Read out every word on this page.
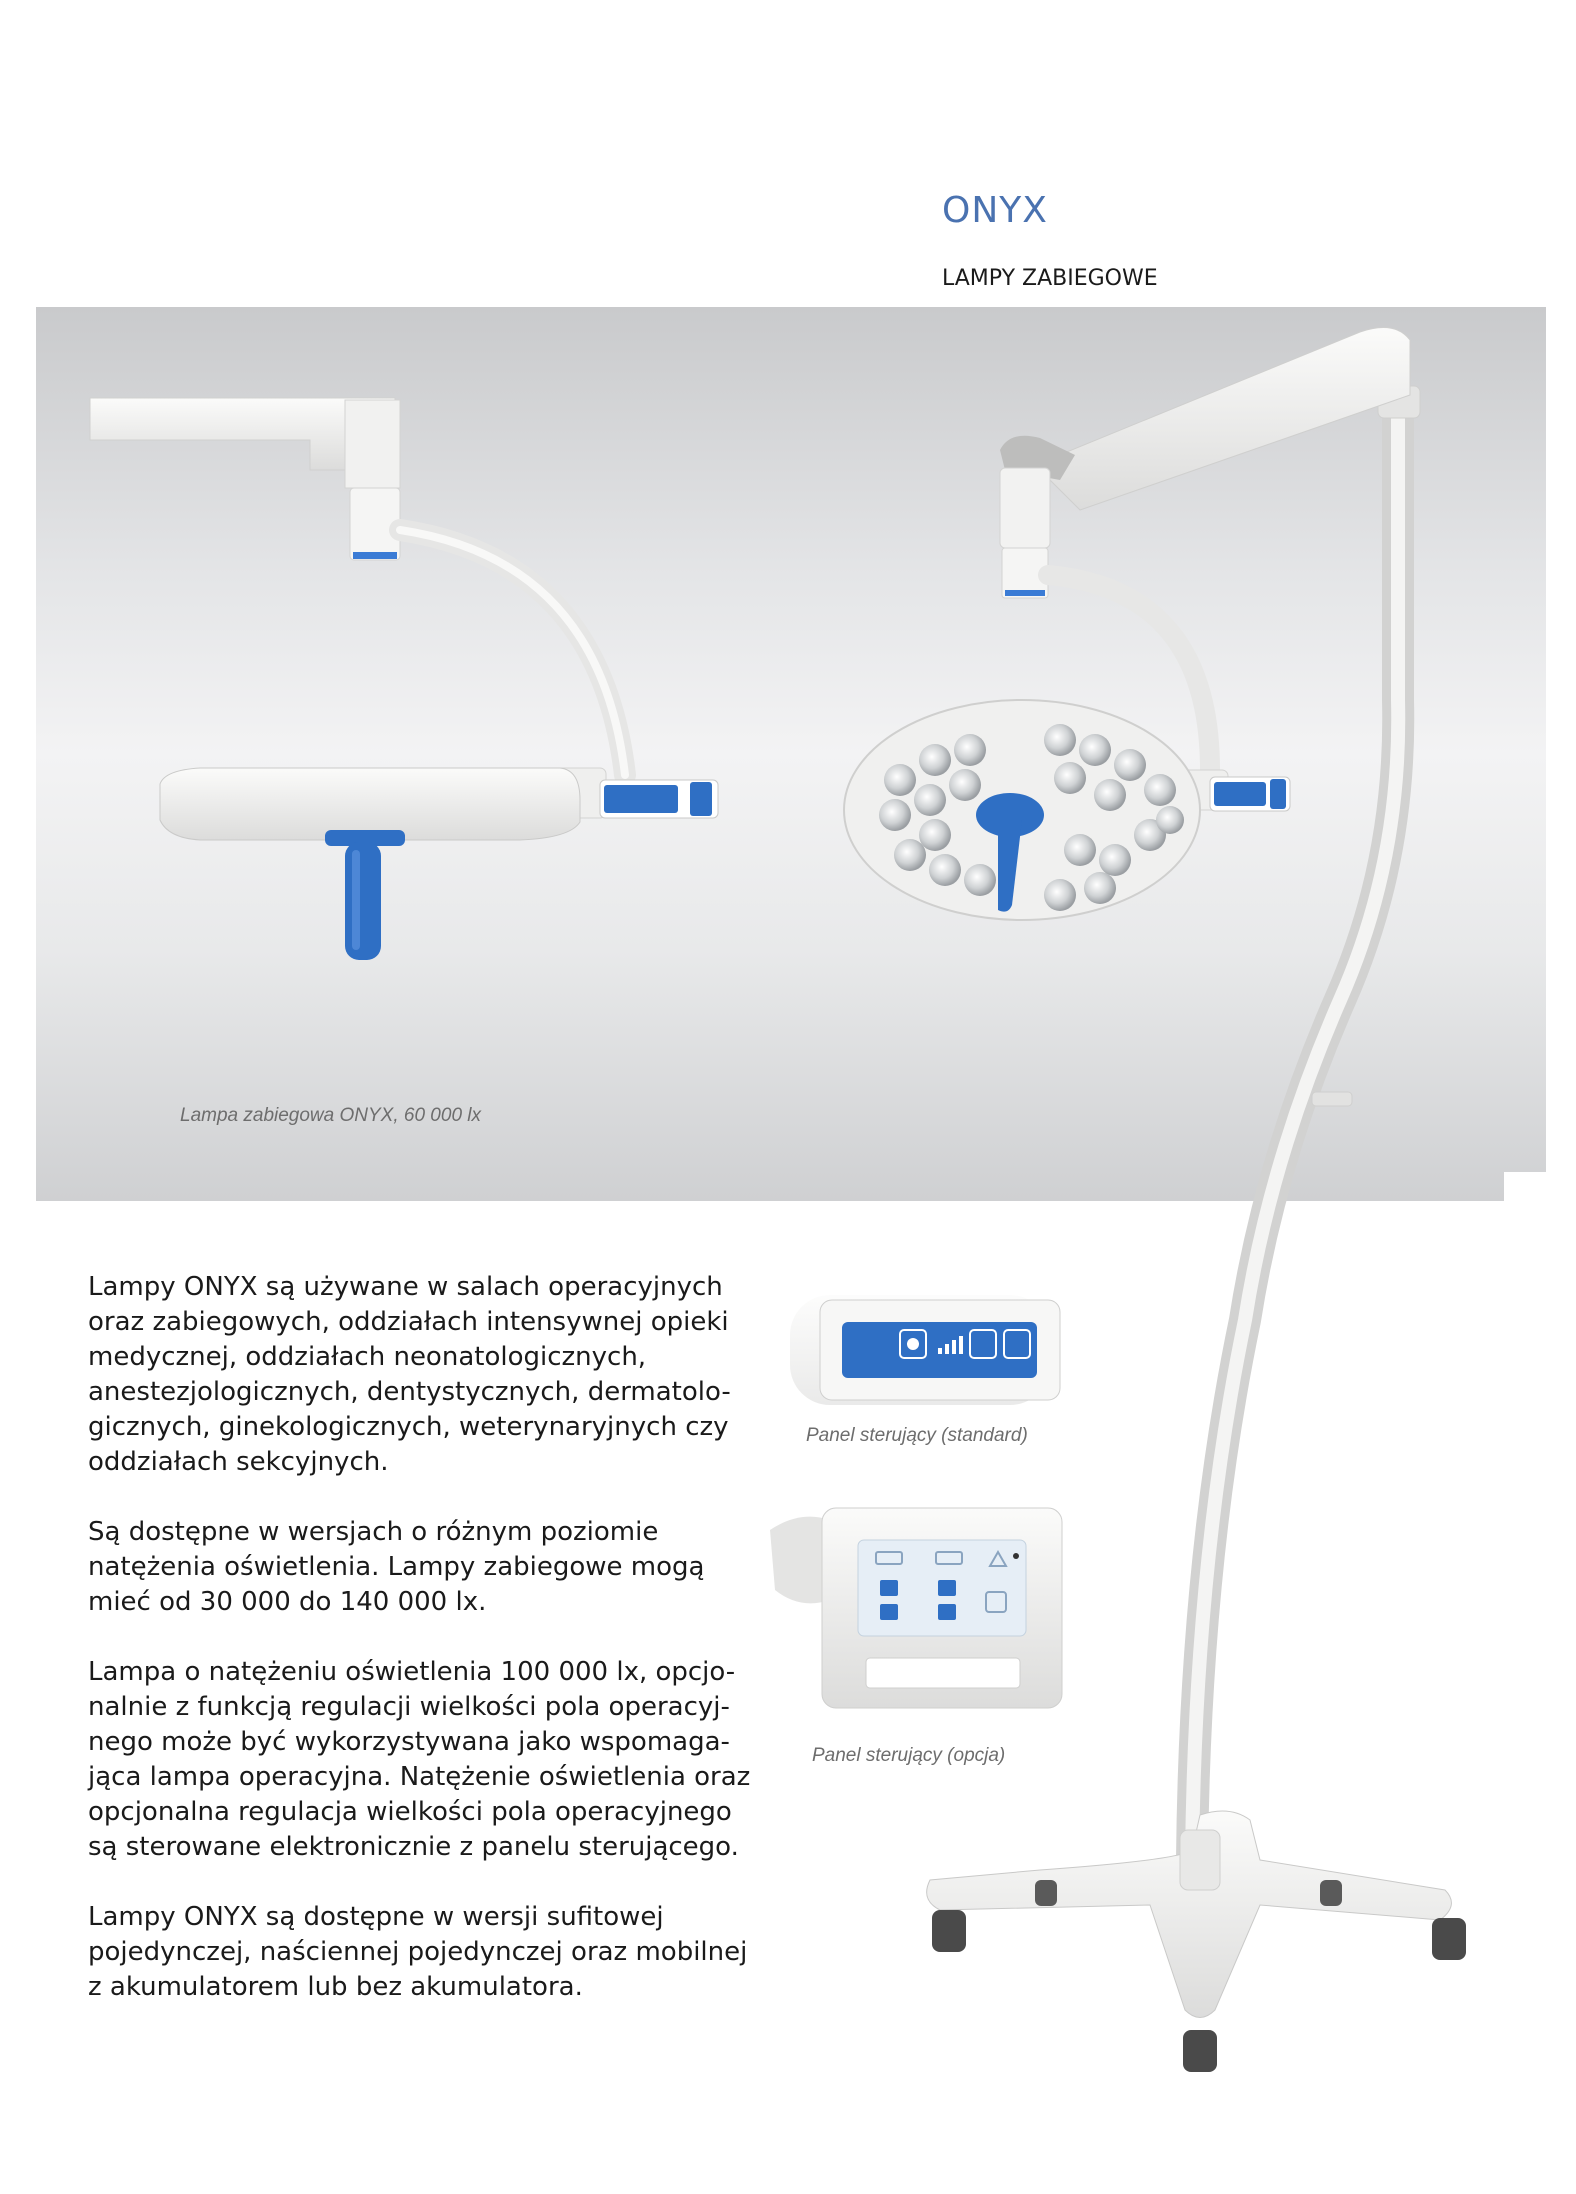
ONYX
LAMPY ZABIEGOWE
Lampa zabiegowa ONYX, 60 000 lx
Panel sterujący (standard)
Panel sterujący (opcja)

Lampy ONYX są używane w salach operacyjnych oraz zabiegowych, oddziałach intensywnej opieki medycznej, oddziałach neonatologicznych, anestezjologicznych, dentystycznych, dermatolo-gicznych, ginekologicznych, weterynaryjnych czy oddziałach sekcyjnych.

Są dostępne w wersjach o różnym poziomie natężenia oświetlenia. Lampy zabiegowe mogą mieć od 30 000 do 140 000 lx.

Lampa o natężeniu oświetlenia 100 000 lx, opcjo-nalnie z funkcją regulacji wielkości pola operacyj-nego może być wykorzystywana jako wspomaga-jąca lampa operacyjna. Natężenie oświetlenia oraz opcjonalna regulacja wielkości pola operacyjnego są sterowane elektronicznie z panelu sterującego.

Lampy ONYX są dostępne w wersji sufitowej pojedynczej, naściennej pojedynczej oraz mobilnej z akumulatorem lub bez akumulatora.
